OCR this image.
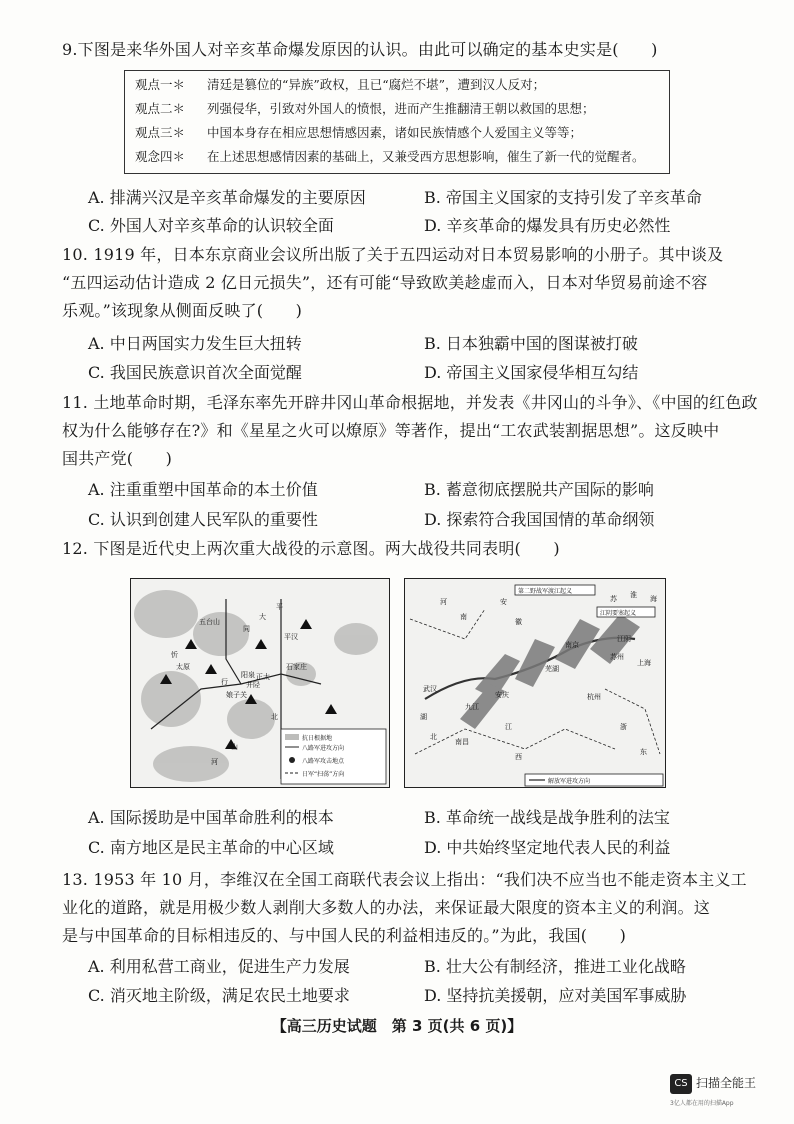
9.下图是来华外国人对辛亥革命爆发原因的认识。由此可以确定的基本史实是(　　)
观点一＊ 清廷是篡位的“异族”政权，且已“腐烂不堪”，遭到汉人反对；
观点二＊ 列强侵华，引致对外国人的愤恨，进而产生推翻清王朝以救国的思想；
观点三＊ 中国本身存在相应思想情感因素，诸如民族情感个人爱国主义等等；
观念四＊ 在上述思想感情因素的基础上，又兼受西方思想影响，催生了新一代的觉醒者。
A. 排满兴汉是辛亥革命爆发的主要原因	B. 帝国主义国家的支持引发了辛亥革命
C. 外国人对辛亥革命的认识较全面	D. 辛亥革命的爆发具有历史必然性
10. 1919 年，日本东京商业会议所出版了关于五四运动对日本贸易影响的小册子。其中谈及
“五四运动估计造成 2 亿日元损失”，还有可能“导致欧美趁虚而入，日本对华贸易前途不容
乐观。”该现象从侧面反映了(　　)
A. 中日两国实力发生巨大扭转	B. 日本独霸中国的图谋被打破
C. 我国民族意识首次全面觉醒	D. 帝国主义国家侵华相互勾结
11. 土地革命时期，毛泽东率先开辟井冈山革命根据地，并发表《井冈山的斗争》、《中国的红色政
权为什么能够存在?》和《星星之火可以燎原》等著作，提出“工农武装割据思想”。这反映中
国共产党(　　)
A. 注重重塑中国革命的本土价值	B. 蓄意彻底摆脱共产国际的影响
C. 认识到创建人民军队的重要性	D. 探索符合我国国情的革命纲领
12. 下图是近代史上两次重大战役的示意图。两大战役共同表明(　　)
抗日根据地
八路军进攻方向
八路军攻击地点
日军“扫荡”方向
五台山
太原
阳泉
石家庄
井陉
娘子关
平汉
北
行
山
河
正太
忻
平
大
同
第二野战军渡江起义
江阴要塞起义
解放军进攻方向
南京
芜湖
江阴
苏州
上海
杭州
安庆
武汉
九江
南昌
河
南
湖
北
江
西
浙
东
苏 淮 海
安
徽
A. 国际援助是中国革命胜利的根本	B. 革命统一战线是战争胜利的法宝
C. 南方地区是民主革命的中心区域	D. 中共始终坚定地代表人民的利益
13. 1953 年 10 月，李维汉在全国工商联代表会议上指出：“我们决不应当也不能走资本主义工
业化的道路，就是用极少数人剥削大多数人的办法，来保证最大限度的资本主义的利润。这
是与中国革命的目标相违反的、与中国人民的利益相违反的。”为此，我国(　　)
A. 利用私营工商业，促进生产力发展	B. 壮大公有制经济，推进工业化战略
C. 消灭地主阶级，满足农民土地要求	D. 坚持抗美援朝，应对美国军事威胁
【高三历史试题　第 3 页(共 6 页)】
CS 扫描全能王
3亿人都在用的扫描App
